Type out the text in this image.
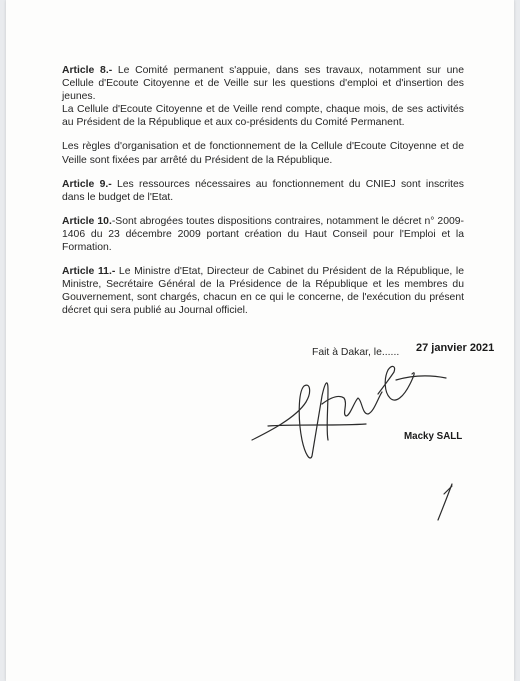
Article 8.- Le Comité permanent s'appuie, dans ses travaux, notamment sur une Cellule d'Ecoute Citoyenne et de Veille sur les questions d'emploi et d'insertion des jeunes.

La Cellule d'Ecoute Citoyenne et de Veille rend compte, chaque mois, de ses activités au Président de la République et aux co-présidents du Comité Permanent.

Les règles d'organisation et de fonctionnement de la Cellule d'Ecoute Citoyenne et de Veille sont fixées par arrêté du Président de la République.

Article 9.- Les ressources nécessaires au fonctionnement du CNIEJ sont inscrites dans le budget de l'Etat.

Article 10.-Sont abrogées toutes dispositions contraires, notamment le décret n° 2009-1406 du 23 décembre 2009 portant création du Haut Conseil pour l'Emploi et la Formation.

Article 11.- Le Ministre d'Etat, Directeur de Cabinet du Président de la République, le Ministre, Secrétaire Général de la Présidence de la République et les membres du Gouvernement, sont chargés, chacun en ce qui le concerne, de l'exécution du présent décret qui sera publié au Journal officiel.

Fait à Dakar, le...... 27 janvier 2021
Macky SALL
